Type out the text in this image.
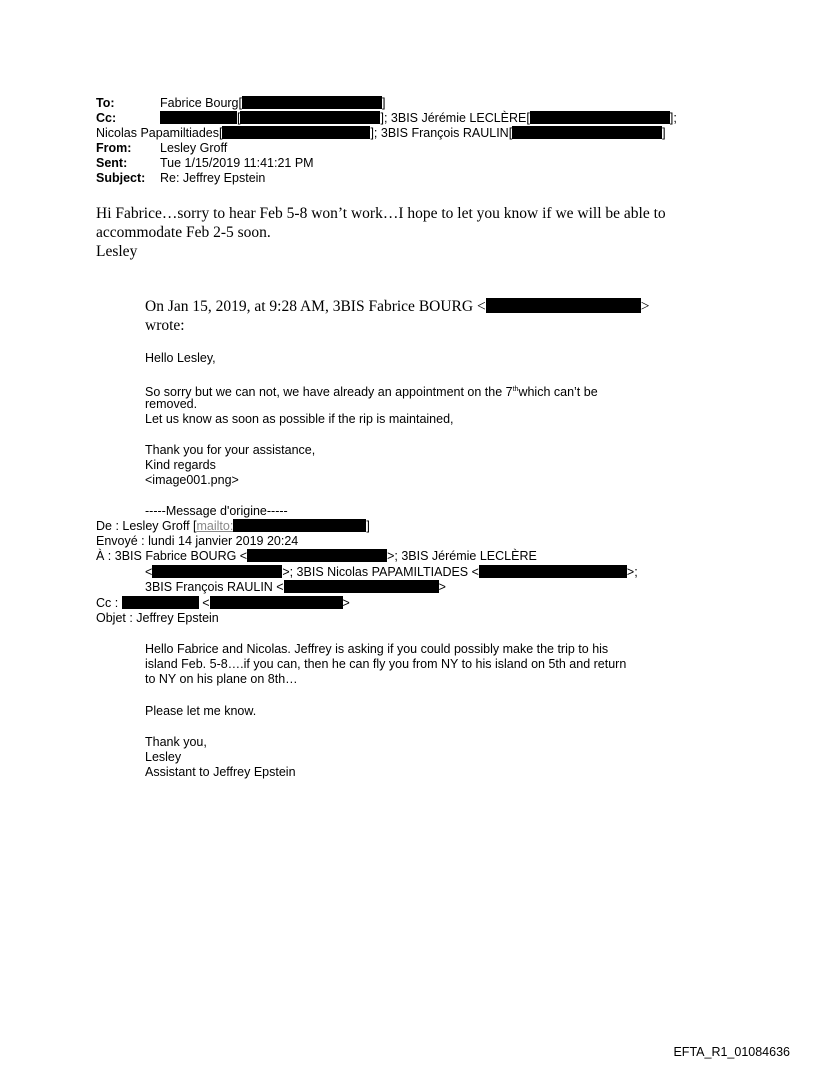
To:	Fabrice Bourg[	]
Cc:	[	]; 3BIS Jérémie LECLÈRE[	];
Nicolas Papamiltiades[	]; 3BIS François RAULIN[	]
From: Lesley Groff
Sent:	Tue 1/15/2019 11:41:21 PM
Subject: Re: Jeffrey Epstein
Hi Fabrice…sorry to hear Feb 5-8 won’t work…I hope to let you know if we will be able to
accommodate Feb 2-5 soon.
Lesley
On Jan 15, 2019, at 9:28 AM, 3BIS Fabrice BOURG <	>
wrote:
Hello Lesley,
So sorry but we can not, we have already an appointment on the 7thwhich can’t be
removed.
Let us know as soon as possible if the rip is maintained,
Thank you for your assistance,
Kind regards
<image001.png>
-----Message d'origine-----
De : Lesley Groff [mailto:	]
Envoyé : lundi 14 janvier 2019 20:24
À : 3BIS Fabrice BOURG <	>; 3BIS Jérémie LECLÈRE
<	>; 3BIS Nicolas PAPAMILTIADES <	>;
3BIS François RAULIN <	>
Cc :	<	>
Objet : Jeffrey Epstein
Hello Fabrice and Nicolas. Jeffrey is asking if you could possibly make the trip to his
island Feb. 5-8….if you can, then he can fly you from NY to his island on 5th and return
to NY on his plane on 8th…
Please let me know.
Thank you,
Lesley
Assistant to Jeffrey Epstein
EFTA_R1_01084636
